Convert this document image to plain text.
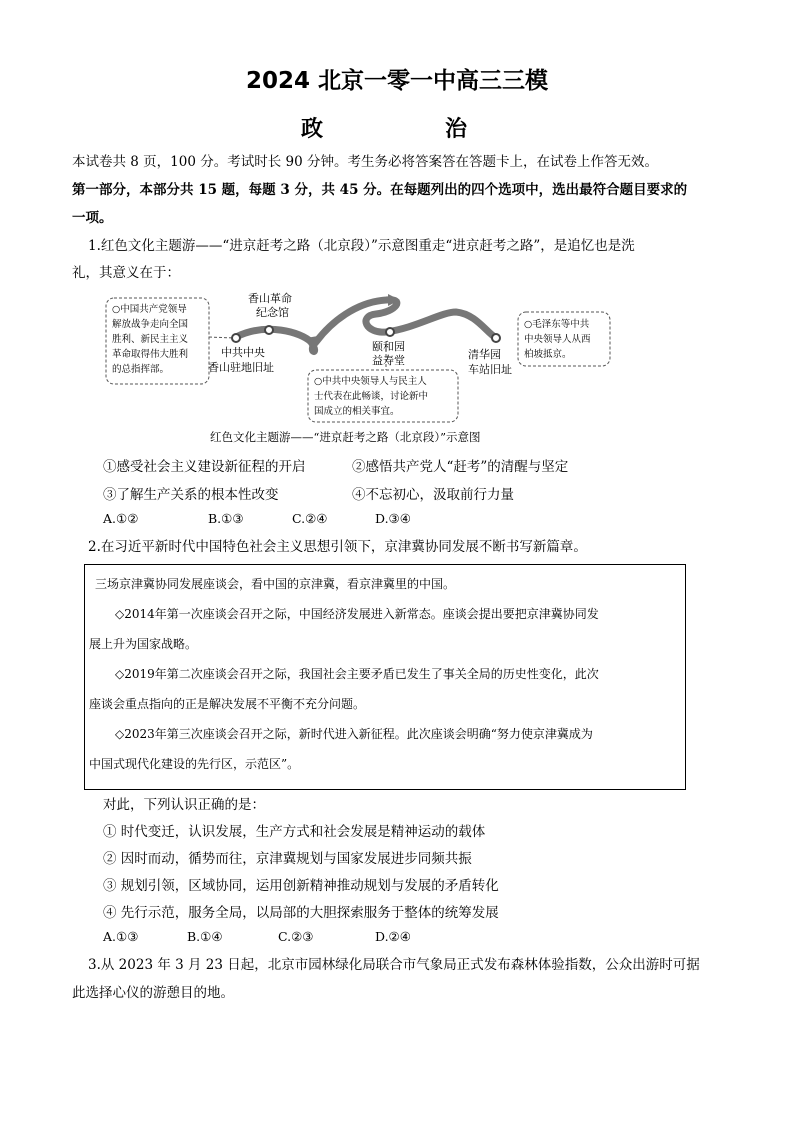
2024 北京一零一中高三三模
政　　治
本试卷共 8 页，100 分。考试时长 90 分钟。考生务必将答案答在答题卡上，在试卷上作答无效。
第一部分，本部分共 15 题，每题 3 分，共 45 分。在每题列出的四个选项中，选出最符合题目要求的
一项。
1.红色文化主题游——“进京赶考之路（北京段）”示意图重走“进京赶考之路”，是追忆也是洗
礼，其意义在于：
○中国共产党领导
解放战争走向全国
胜利、新民主主义
革命取得伟大胜利
的总指挥部。
○毛泽东等中共
中央领导人从西
柏坡抵京。
○中共中央领导人与民主人
士代表在此畅谈，讨论新中
国成立的相关事宜。
香山革命
纪念馆
中共中央
香山驻地旧址
颐和园
益寿堂	清华园
车站旧址
红色文化主题游——“进京赶考之路（北京段）”示意图
①感受社会主义建设新征程的开启	②感悟共产党人“赶考”的清醒与坚定
③了解生产关系的根本性改变	④不忘初心，汲取前行力量
A.①②	B.①③	C.②④	D.③④
2.在习近平新时代中国特色社会主义思想引领下，京津冀协同发展不断书写新篇章。
三场京津冀协同发展座谈会，看中国的京津冀，看京津冀里的中国。
◇2014年第一次座谈会召开之际，中国经济发展进入新常态。座谈会提出要把京津冀协同发
展上升为国家战略。
◇2019年第二次座谈会召开之际，我国社会主要矛盾已发生了事关全局的历史性变化，此次
座谈会重点指向的正是解决发展不平衡不充分问题。
◇2023年第三次座谈会召开之际，新时代进入新征程。此次座谈会明确“努力使京津冀成为
中国式现代化建设的先行区，示范区”。
对此，下列认识正确的是：
① 时代变迁，认识发展，生产方式和社会发展是精神运动的载体
② 因时而动，循势而往，京津冀规划与国家发展进步同频共振
③ 规划引领，区域协同，运用创新精神推动规划与发展的矛盾转化
④ 先行示范，服务全局，以局部的大胆探索服务于整体的统筹发展
A.①③	B.①④	C.②③	D.②④
3.从 2023 年 3 月 23 日起，北京市园林绿化局联合市气象局正式发布森林体验指数，公众出游时可据
此选择心仪的游憩目的地。
